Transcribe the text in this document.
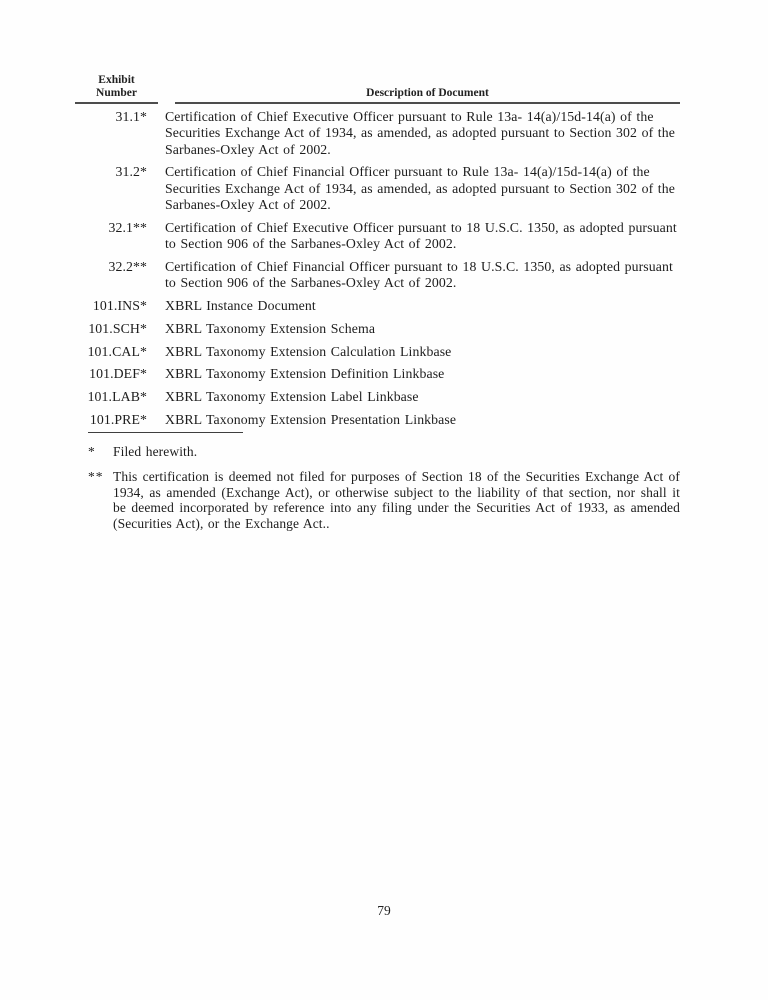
Exhibit
Number	Description of Document
31.1*	Certification of Chief Executive Officer pursuant to Rule 13a- 14(a)/15d-14(a) of the Securities Exchange Act of 1934, as amended, as adopted pursuant to Section 302 of the Sarbanes-Oxley Act of 2002.
31.2*	Certification of Chief Financial Officer pursuant to Rule 13a- 14(a)/15d-14(a) of the Securities Exchange Act of 1934, as amended, as adopted pursuant to Section 302 of the Sarbanes-Oxley Act of 2002.
32.1**	Certification of Chief Executive Officer pursuant to 18 U.S.C. 1350, as adopted pursuant to Section 906 of the Sarbanes-Oxley Act of 2002.
32.2**	Certification of Chief Financial Officer pursuant to 18 U.S.C. 1350, as adopted pursuant to Section 906 of the Sarbanes-Oxley Act of 2002.
101.INS*	XBRL Instance Document
101.SCH*	XBRL Taxonomy Extension Schema
101.CAL*	XBRL Taxonomy Extension Calculation Linkbase
101.DEF*	XBRL Taxonomy Extension Definition Linkbase
101.LAB*	XBRL Taxonomy Extension Label Linkbase
101.PRE*	XBRL Taxonomy Extension Presentation Linkbase
*	Filed herewith.
** This certification is deemed not filed for purposes of Section 18 of the Securities Exchange Act of 1934, as amended (Exchange Act), or otherwise subject to the liability of that section, nor shall it be deemed incorporated by reference into any filing under the Securities Act of 1933, as amended (Securities Act), or the Exchange Act..
79
